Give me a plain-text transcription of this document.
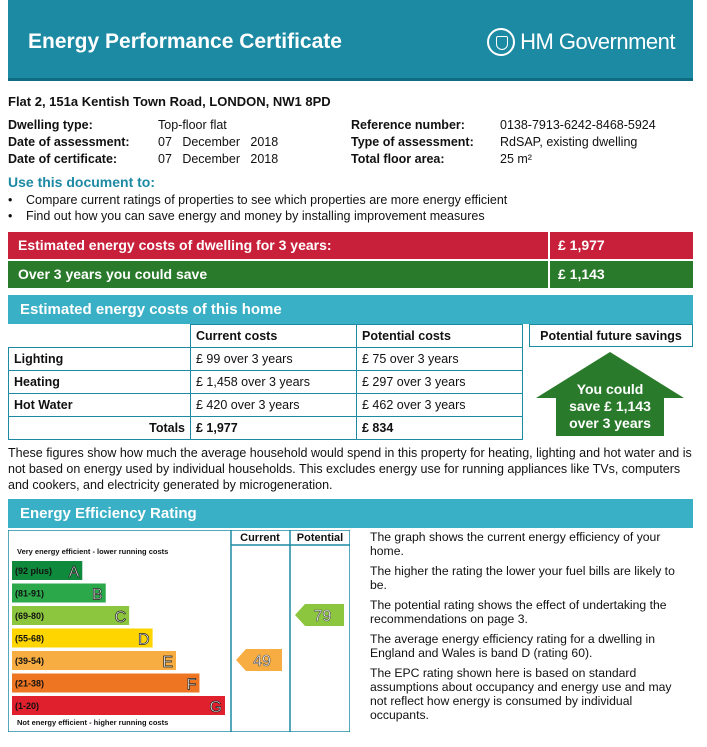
Energy Performance Certificate	HM Government
Flat 2, 151a Kentish Town Road, LONDON, NW1 8PD
Dwelling type:	Top-floor flat
Date of assessment: 07   December   2018
Date of certificate:	07   December   2018
Reference number:	0138-7913-6242-8468-5924
Type of assessment: RdSAP, existing dwelling
Total floor area:	25 m²
Use this document to:
• Compare current ratings of properties to see which properties are more energy efficient
• Find out how you can save energy and money by installing improvement measures
Estimated energy costs of dwelling for 3 years:	£ 1,977
Over 3 years you could save	£ 1,143
Estimated energy costs of this home
	Current costs	Potential costs
Lighting	£ 99 over 3 years	£ 75 over 3 years
Heating	£ 1,458 over 3 years	£ 297 over 3 years
Hot Water	£ 420 over 3 years	£ 462 over 3 years
Totals	£ 1,977	£ 834
Potential future savings
You could
save £ 1,143
over 3 years
These figures show how much the average household would spend in this property for heating, lighting and hot water and is not based on energy used by individual households. This excludes energy use for running appliances like TVs, computers and cookers, and electricity generated by microgeneration.
Energy Efficiency Rating
Current Potential
Very energy efficient - lower running costs
Not energy efficient - higher running costs
(92 plus) A
(81-91)	B
(69-80)	C
(55-68)	D
(39-54)	E
(21-38)	F
(1-20)	G
49
79
The graph shows the current energy efficiency of your home.
The higher the rating the lower your fuel bills are likely to be.
The potential rating shows the effect of undertaking the recommendations on page 3.
The average energy efficiency rating for a dwelling in England and Wales is band D (rating 60).
The EPC rating shown here is based on standard assumptions about occupancy and energy use and may not reflect how energy is consumed by individual occupants.
